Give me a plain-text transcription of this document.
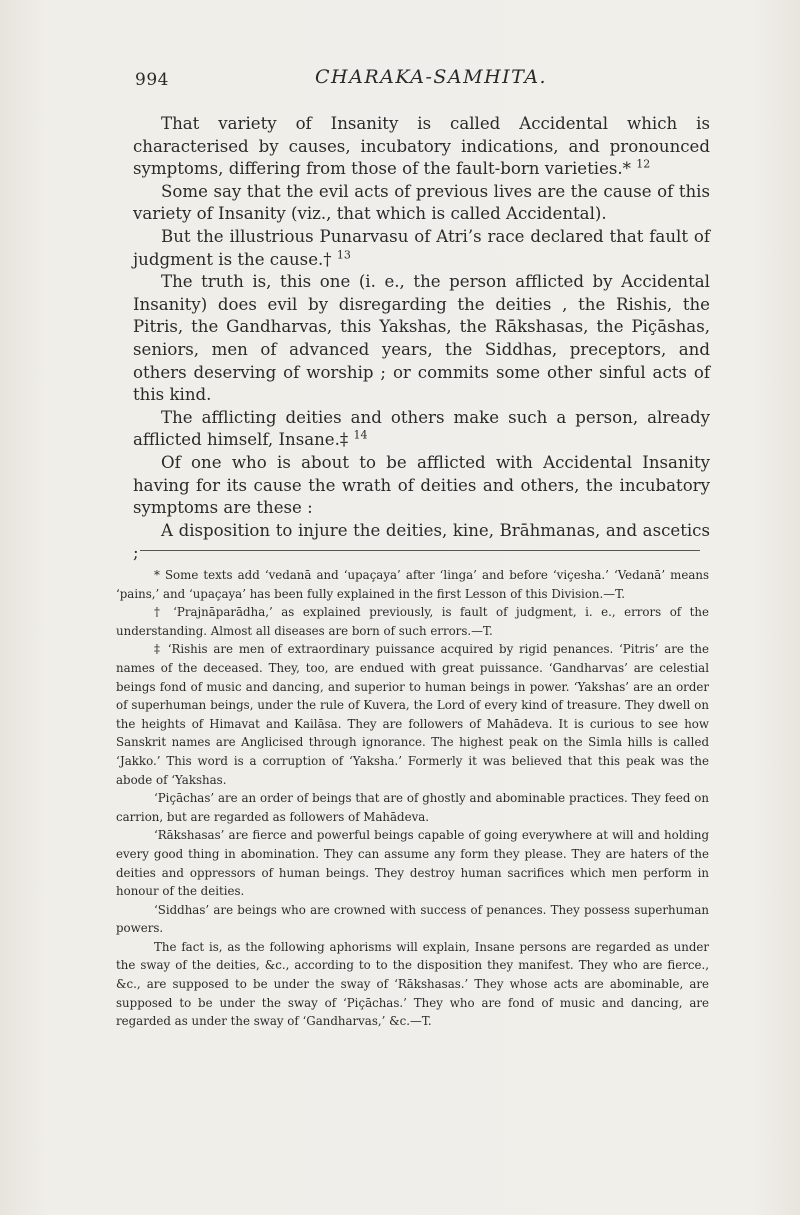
994	CHARAKA-SAMHITA.

That variety of Insanity is called Accidental which is characterised by causes, incubatory indications, and pronounced symptoms, differing from those of the fault-born varieties.* $^{12}$

Some say that the evil acts of previous lives are the cause of this variety of Insanity (viz., that which is called Accidental).

But the illustrious Punarvasu of Atri’s race declared that fault of judgment is the cause.† $^{13}$

The truth is, this one (i. e., the person afflicted by Accidental Insanity) does evil by disregarding the deities , the Rishis, the Pitris, the Gandharvas, this Yakshas, the Rākshasas, the Piçāshas, seniors, men of advanced years, the Siddhas, preceptors, and others deserving of worship ; or commits some other sinful acts of this kind.

The afflicting deities and others make such a person, already afflicted himself, Insane.‡ $^{14}$

Of one who is about to be afflicted with Accidental Insanity having for its cause the wrath of deities and others, the incubatory symptoms are these :

A disposition to injure the deities, kine, Brāhmanas, and ascetics ;

* Some texts add ‘vedanā and ‘upaçaya’ after ‘linga’ and before ‘viçesha.’ ‘Vedanā’ means ‘pains,’ and ‘upaçaya’ has been fully explained in the first Lesson of this Division.—T.

† ‘Prajnāparādha,’ as explained previously, is fault of judgment, i. e., errors of the understanding. Almost all diseases are born of such errors.—T.

‡ ‘Rishis are men of extraordinary puissance acquired by rigid penances. ‘Pitris’ are the names of the deceased. They, too, are endued with great puissance. ‘Gandharvas’ are celestial beings fond of music and dancing, and superior to human beings in power. ‘Yakshas’ are an order of superhuman beings, under the rule of Kuvera, the Lord of every kind of treasure. They dwell on the heights of Himavat and Kailāsa. They are followers of Mahādeva. It is curious to see how Sanskrit names are Anglicised through ignorance. The highest peak on the Simla hills is called ‘Jakko.’ This word is a corruption of ‘Yaksha.’ Formerly it was believed that this peak was the abode of ‘Yakshas.

‘Piçāchas’ are an order of beings that are of ghostly and abominable practices. They feed on carrion, but are regarded as followers of Mahādeva.

‘Rākshasas’ are fierce and powerful beings capable of going everywhere at will and holding every good thing in abomination. They can assume any form they please. They are haters of the deities and oppressors of human beings. They destroy human sacrifices which men perform in honour of the deities.

‘Siddhas’ are beings who are crowned with success of penances. They possess superhuman powers.

The fact is, as the following aphorisms will explain, Insane persons are regarded as under the sway of the deities, &c., according to to the disposition they manifest. They who are fierce., &c., are supposed to be under the sway of ‘Rākshasas.’ They whose acts are abominable, are supposed to be under the sway of ‘Piçāchas.’ They who are fond of music and dancing, are regarded as under the sway of ‘Gandharvas,’ &c.—T.
